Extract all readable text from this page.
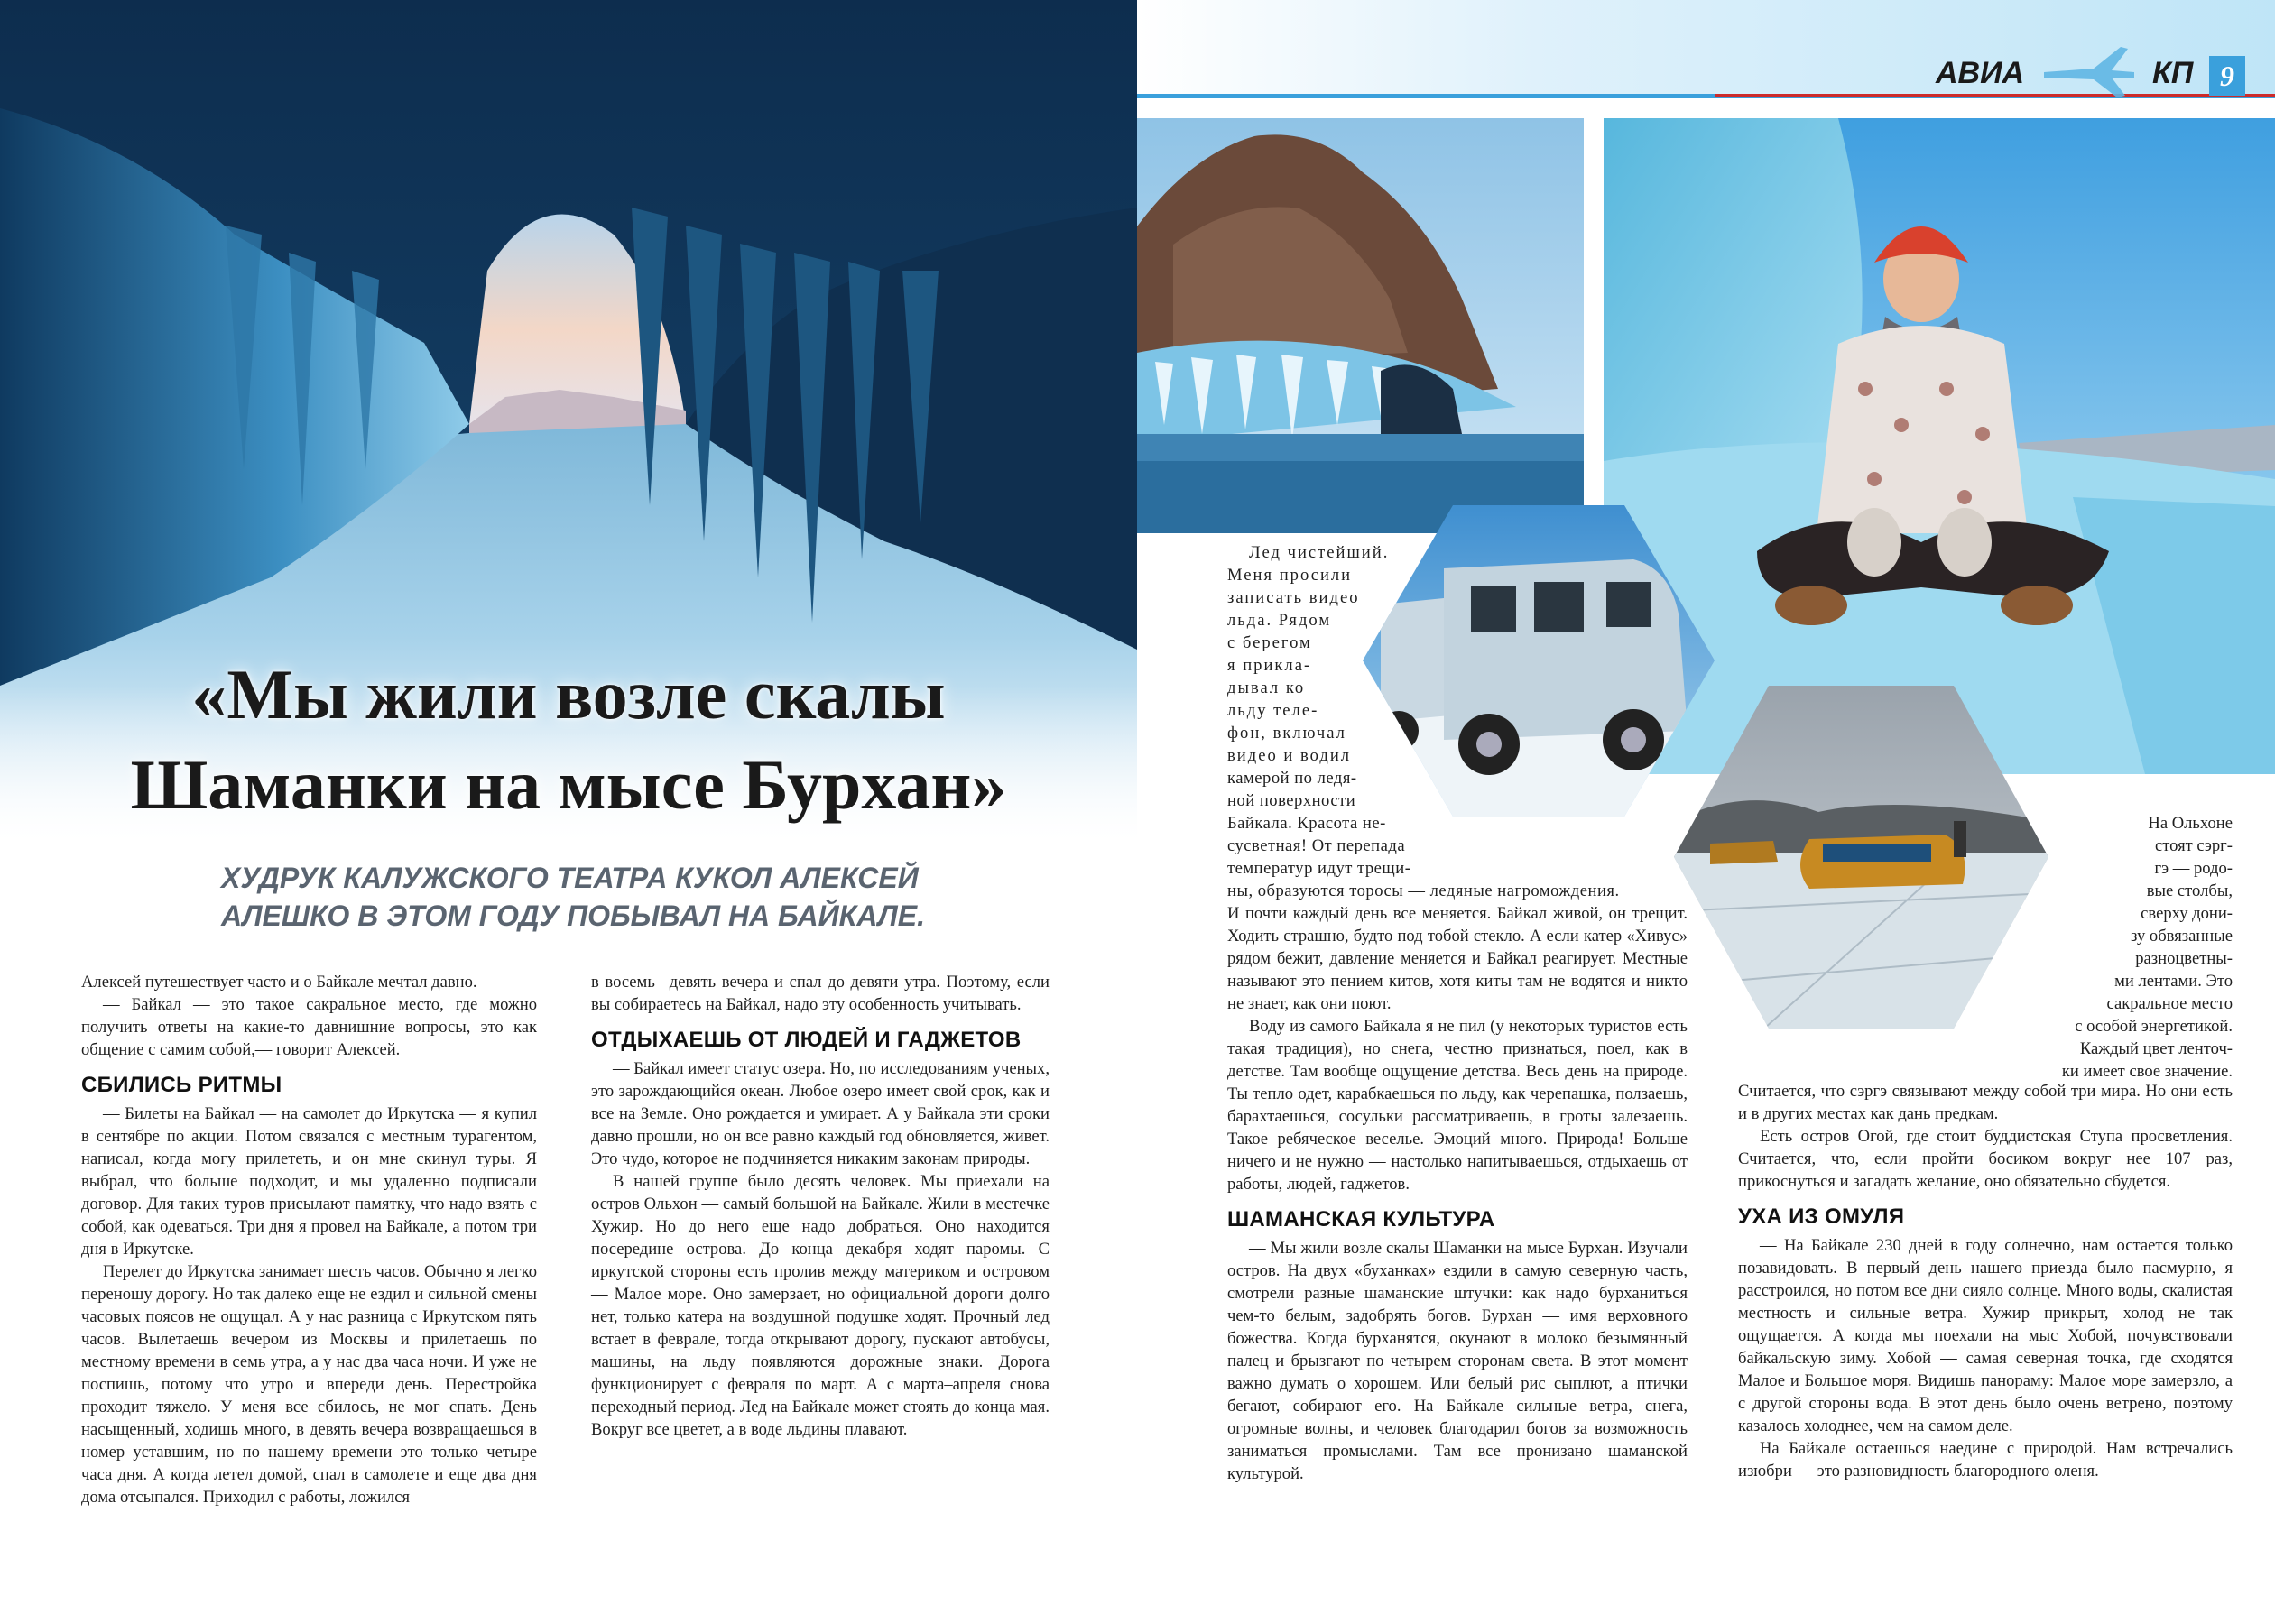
«Мы жили возле скалы
Шаманки на мысе Бурхан»
ХУДРУК КАЛУЖСКОГО ТЕАТРА КУКОЛ АЛЕКСЕЙ
АЛЕШКО В ЭТОМ ГОДУ ПОБЫВАЛ НА БАЙКАЛЕ.

Алексей путешествует часто и о Байкале мечтал давно.

— Байкал — это такое сакральное место, где можно получить ответы на какие-то давнишние вопросы, это как общение с самим собой,— говорит Алексей.

СБИЛИСЬ РИТМЫ

— Билеты на Байкал — на самолет до Иркутска — я купил в сентябре по акции. Потом связался с местным турагентом, написал, когда могу прилететь, и он мне скинул туры. Я выбрал, что больше подходит, и мы удаленно подписали договор. Для таких туров присылают памятку, что надо взять с собой, как одеваться. Три дня я провел на Байкале, а потом три дня в Иркутске.

Перелет до Иркутска занимает шесть часов. Обычно я легко переношу дорогу. Но так далеко еще не ездил и сильной смены часовых поясов не ощущал. А у нас разница с Иркутском пять часов. Вылетаешь вечером из Москвы и прилетаешь по местному времени в семь утра, а у нас два часа ночи. И уже не поспишь, потому что утро и впереди день. Перестройка проходит тяжело. У меня все сбилось, не мог спать. День насыщенный, ходишь много, в девять вечера возвращаешься в номер уставшим, но по нашему времени это только четыре часа дня. А когда летел домой, спал в самолете и еще два дня дома отсыпался. Приходил с работы, ложился

в восемь– девять вечера и спал до девяти утра. Поэтому, если вы собираетесь на Байкал, надо эту особенность учитывать.

ОТДЫХАЕШЬ ОТ ЛЮДЕЙ И ГАДЖЕТОВ

— Байкал имеет статус озера. Но, по исследованиям ученых, это зарождающийся океан. Любое озеро имеет свой срок, как и все на Земле. Оно рождается и умирает. А у Байкала эти сроки давно прошли, но он все равно каждый год обновляется, живет. Это чудо, которое не подчиняется никаким законам природы.

В нашей группе было десять человек. Мы приехали на остров Ольхон — самый большой на Байкале. Жили в местечке Хужир. Но до него еще надо добраться. Оно находится посередине острова. До конца декабря ходят паромы. С иркутской стороны есть пролив между материком и островом — Малое море. Оно замерзает, но официальной дороги долго нет, только катера на воздушной подушке ходят. Прочный лед встает в феврале, тогда открывают дорогу, пускают автобусы, машины, на льду появляются дорожные знаки. Дорога функционирует с февраля по март. А с марта–апреля снова переходный период. Лед на Байкале может стоять до конца мая. Вокруг все цветет, а в воде льдины плавают.

АВИА	КП 9
Лед чистейший.
Меня просили
записать видео
льда. Рядом
с берегом
я прикла-
дывал ко
льду теле-
фон, включал
видео и водил
камерой по ледя-
ной поверхности
Байкала. Красота не-
сусветная! От перепада
температур идут трещи-
ны, образуются торосы — ледяные нагромождения.

И почти каждый день все меняется. Байкал живой, он трещит. Ходить страшно, будто под тобой стекло. А если катер «Хивус» рядом бежит, давление меняется и Байкал реагирует. Местные называют это пением китов, хотя киты там не водятся и никто не знает, как они поют.

Воду из самого Байкала я не пил (у некоторых туристов есть такая традиция), но снега, честно признаться, поел, как в детстве. Там вообще ощущение детства. Весь день на природе. Ты тепло одет, карабкаешься по льду, как черепашка, ползаешь, барахтаешься, сосульки рассматриваешь, в гроты залезаешь. Такое ребяческое веселье. Эмоций много. Природа! Больше ничего и не нужно — настолько напитываешься, отдыхаешь от работы, людей, гаджетов.

ШАМАНСКАЯ КУЛЬТУРА

— Мы жили возле скалы Шаманки на мысе Бурхан. Изучали остров. На двух «буханках» ездили в самую северную часть, смотрели разные шаманские штучки: как надо бурханиться чем-то белым, задобрять богов. Бурхан — имя верховного божества. Когда бурханятся, окунают в молоко безымянный палец и брызгают по четырем сторонам света. В этот момент важно думать о хорошем. Или белый рис сыплют, а птички бегают, собирают его. На Байкале сильные ветра, снега, огромные волны, и человек благодарил богов за возможность заниматься промыслами. Там все пронизано шаманской культурой.

На Ольхоне
стоят сэрг-
гэ — родо-
вые столбы,
сверху дони-
зу обвязанные
разноцветны-
ми лентами. Это
сакральное место
с особой энергетикой.
Каждый цвет ленточ-
ки имеет свое значение.

Считается, что сэргэ связывают между собой три мира. Но они есть и в других местах как дань предкам.

Есть остров Огой, где стоит буддистская Ступа просветления. Считается, что, если пройти босиком вокруг нее 107 раз, прикоснуться и загадать желание, оно обязательно сбудется.

УХА ИЗ ОМУЛЯ

— На Байкале 230 дней в году солнечно, нам остается только позавидовать. В первый день нашего приезда было пасмурно, я расстроился, но потом все дни сияло солнце. Много воды, скалистая местность и сильные ветра. Хужир прикрыт, холод не так ощущается. А когда мы поехали на мыс Хобой, почувствовали байкальскую зиму. Хобой — самая северная точка, где сходятся Малое и Большое моря. Видишь панораму: Малое море замерзло, а с другой стороны вода. В этот день было очень ветрено, поэтому казалось холоднее, чем на самом деле.

На Байкале остаешься наедине с природой. Нам встречались изюбри — это разновидность благородного оленя.
